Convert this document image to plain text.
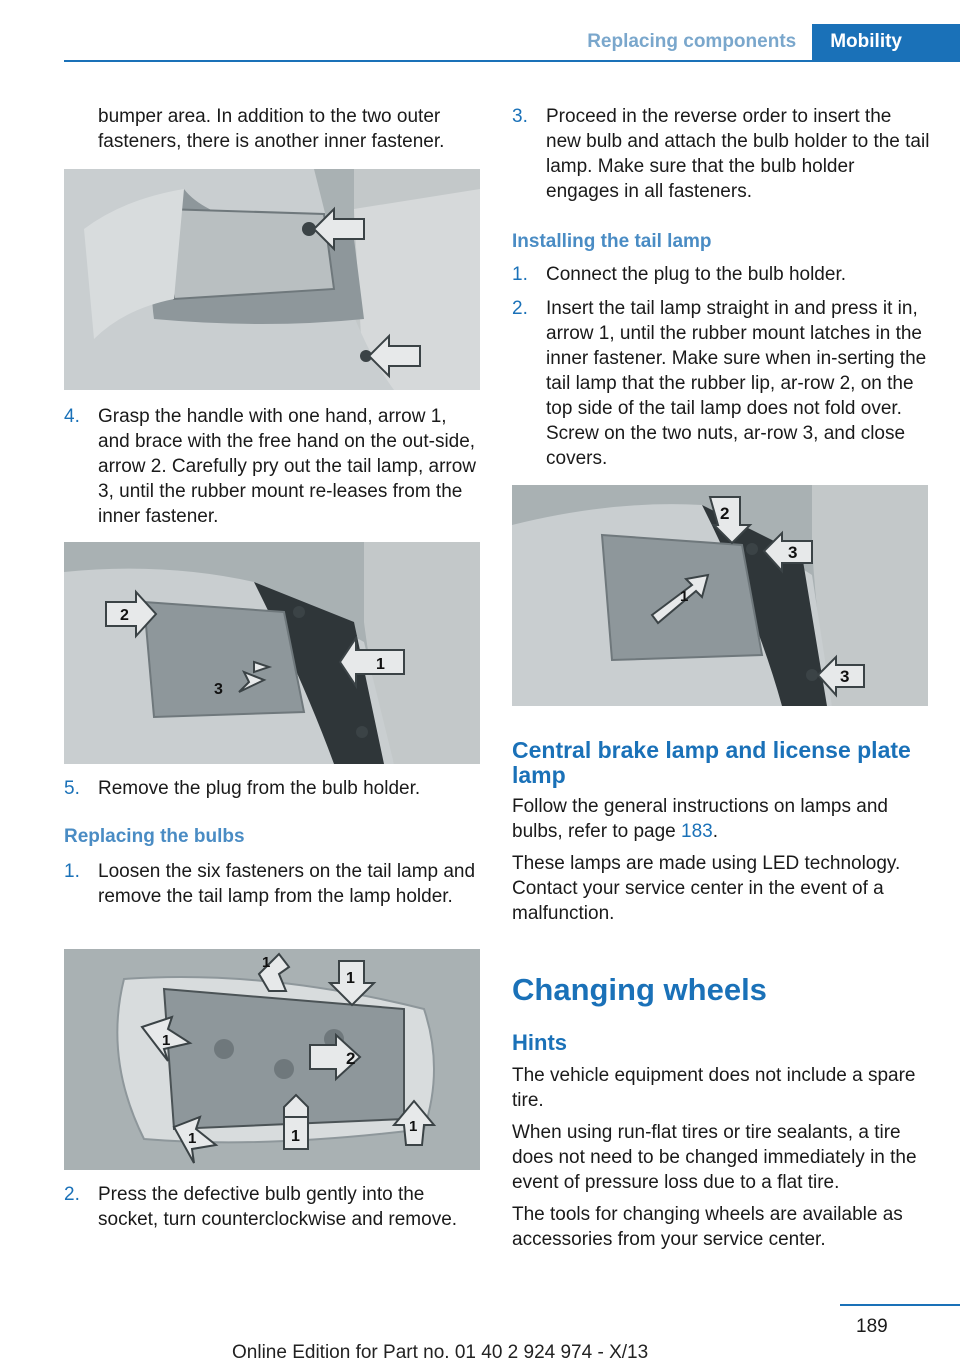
Replacing components	Mobility
bumper area. In addition to the two outer fasteners, there is another inner fastener.
4. Grasp the handle with one hand, arrow 1, and brace with the free hand on the out-side, arrow 2. Carefully pry out the tail lamp, arrow 3, until the rubber mount re-leases from the inner fastener.
2
1
3
5. Remove the plug from the bulb holder.
Replacing the bulbs
1. Loosen the six fasteners on the tail lamp and remove the tail lamp from the lamp holder.
1
1
1
2
1
1	1
2. Press the defective bulb gently into the socket, turn counterclockwise and remove.
3. Proceed in the reverse order to insert the new bulb and attach the bulb holder to the tail lamp. Make sure that the bulb holder engages in all fasteners.
Installing the tail lamp
1. Connect the plug to the bulb holder.
2. Insert the tail lamp straight in and press it in, arrow 1, until the rubber mount latches in the inner fastener. Make sure when in-serting the tail lamp that the rubber lip, ar-row 2, on the top side of the tail lamp does not fold over. Screw on the two nuts, ar-row 3, and close covers.
2
3
1
3
Central brake lamp and license plate lamp
Follow the general instructions on lamps and bulbs, refer to page 183.
These lamps are made using LED technology. Contact your service center in the event of a malfunction.
Changing wheels
Hints
The vehicle equipment does not include a spare tire.
When using run-flat tires or tire sealants, a tire does not need to be changed immediately in the event of pressure loss due to a flat tire.
The tools for changing wheels are available as accessories from your service center.
189
Online Edition for Part no. 01 40 2 924 974 - X/13
